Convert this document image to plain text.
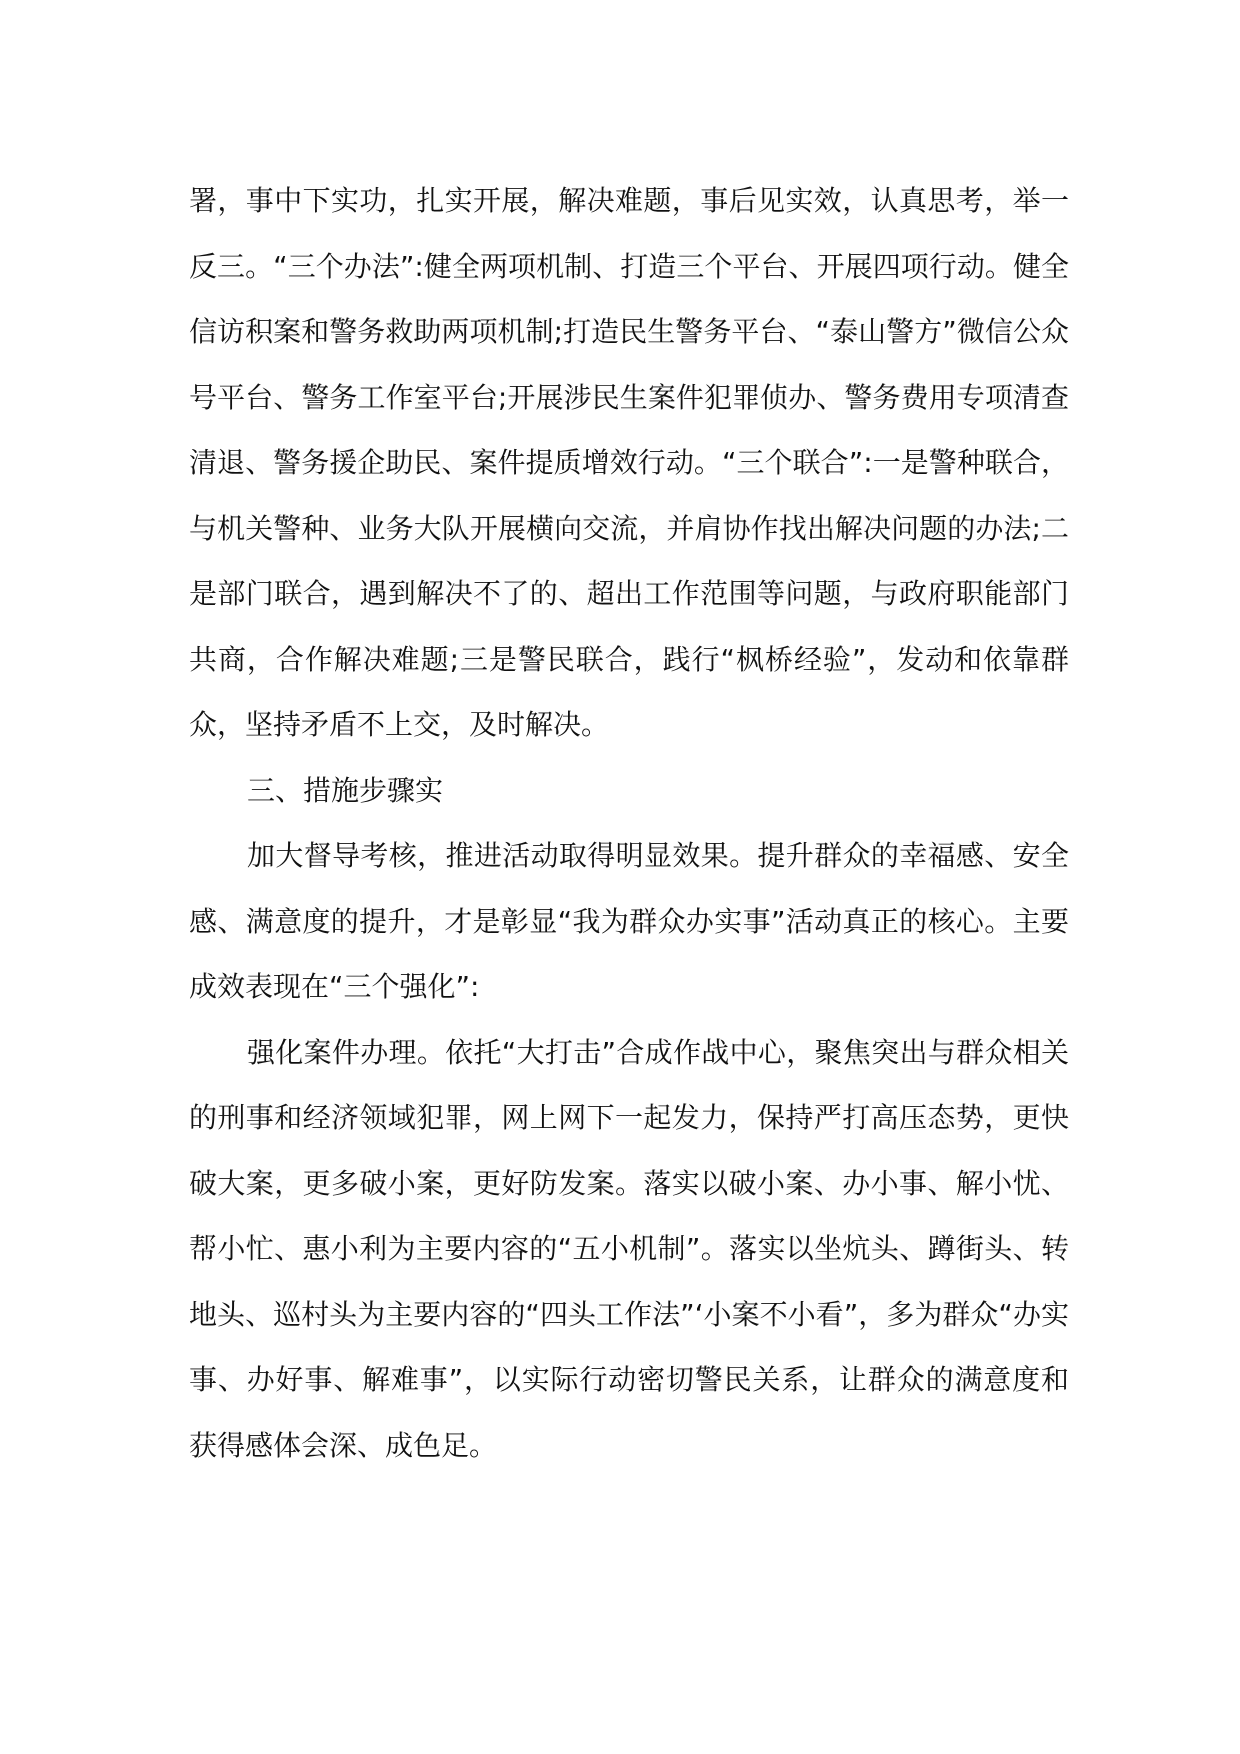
署，事中下实功，扎实开展，解决难题，事后见实效，认真思考，举一反三。“三个办法”:健全两项机制、打造三个平台、开展四项行动。健全信访积案和警务救助两项机制;打造民生警务平台、“泰山警方”微信公众号平台、警务工作室平台;开展涉民生案件犯罪侦办、警务费用专项清查清退、警务援企助民、案件提质增效行动。“三个联合”:一是警种联合，与机关警种、业务大队开展横向交流，并肩协作找出解决问题的办法;二是部门联合，遇到解决不了的、超出工作范围等问题，与政府职能部门共商，合作解决难题;三是警民联合，践行“枫桥经验”，发动和依靠群众，坚持矛盾不上交，及时解决。

三、措施步骤实

加大督导考核，推进活动取得明显效果。提升群众的幸福感、安全感、满意度的提升，才是彰显“我为群众办实事”活动真正的核心。主要成效表现在“三个强化”:

强化案件办理。依托“大打击”合成作战中心，聚焦突出与群众相关的刑事和经济领域犯罪，网上网下一起发力，保持严打高压态势，更快破大案，更多破小案，更好防发案。落实以破小案、办小事、解小忧、帮小忙、惠小利为主要内容的“五小机制”。落实以坐炕头、蹲街头、转地头、巡村头为主要内容的“四头工作法”‘小案不小看”，多为群众“办实事、办好事、解难事”，以实际行动密切警民关系，让群众的满意度和获得感体会深、成色足。
